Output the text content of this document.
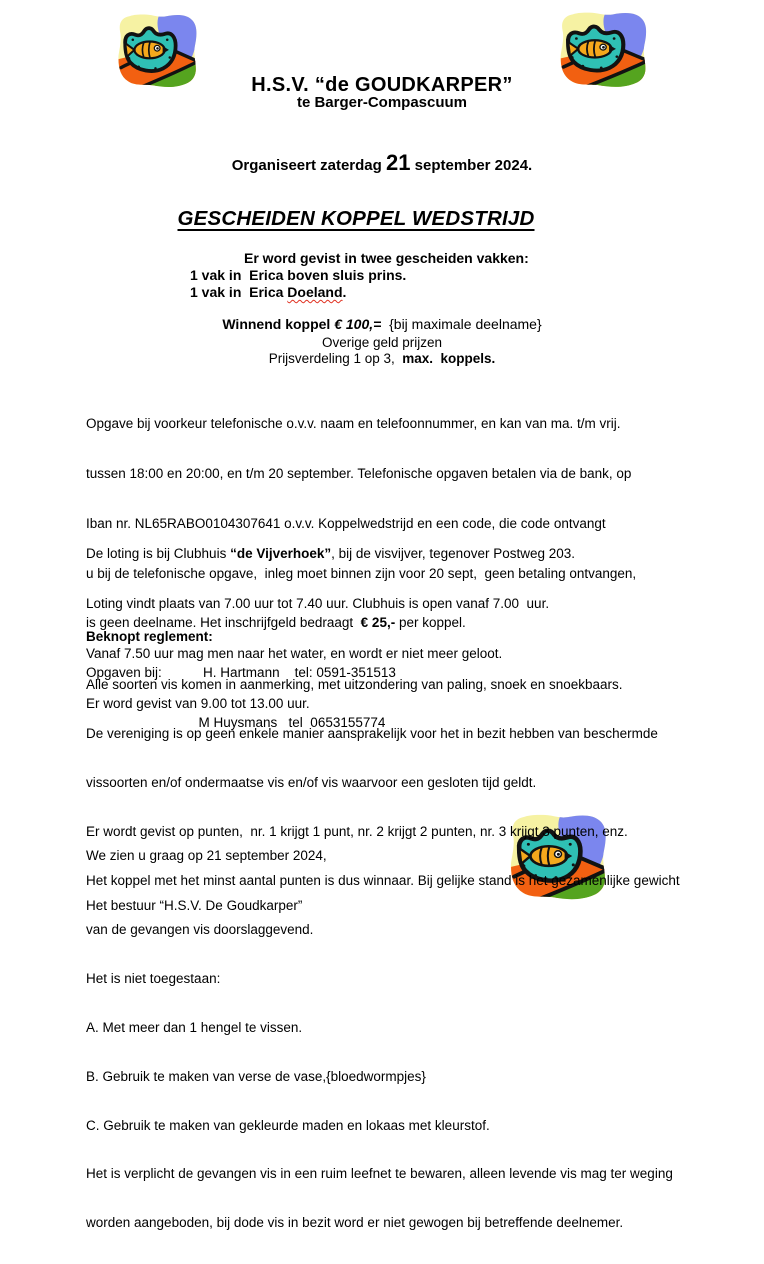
H.S.V. “de GOUDKARPER”
te Barger-Compascuum
Organiseert zaterdag 21 september 2024.
GESCHEIDEN KOPPEL WEDSTRIJD
Er word gevist in twee gescheiden vakken:
1 vak in  Erica boven sluis prins.
1 vak in  Erica Doeland.
Winnend koppel € 100,=  {bij maximale deelname}
Overige geld prijzen
Prijsverdeling 1 op 3,  max.  koppels.

Opgave bij voorkeur telefonische o.v.v. naam en telefoonnummer, en kan van ma. t/m vrij.

tussen 18:00 en 20:00, en t/m 20 september. Telefonische opgaven betalen via de bank, op

Iban nr. NL65RABO0104307641 o.v.v. Koppelwedstrijd en een code, die code ontvangt

u bij de telefonische opgave,  inleg moet binnen zijn voor 20 sept,  geen betaling ontvangen,

is geen deelname. Het inschrijfgeld bedraagt  € 25,- per koppel.

Opgaven bij:           H. Hartmann    tel: 0591-351513

M Huysmans   tel  0653155774

De loting is bij Clubhuis “de Vijverhoek”, bij de visvijver, tegenover Postweg 203.

Loting vindt plaats van 7.00 uur tot 7.40 uur. Clubhuis is open vanaf 7.00  uur.

Vanaf 7.50 uur mag men naar het water, en wordt er niet meer geloot.

Er word gevist van 9.00 tot 13.00 uur.

Beknopt reglement:

Alle soorten vis komen in aanmerking, met uitzondering van paling, snoek en snoekbaars.

De vereniging is op geen enkele manier aansprakelijk voor het in bezit hebben van beschermde

vissoorten en/of ondermaatse vis en/of vis waarvoor een gesloten tijd geldt.

Er wordt gevist op punten,  nr. 1 krijgt 1 punt, nr. 2 krijgt 2 punten, nr. 3 krijgt 3 punten, enz.

Het koppel met het minst aantal punten is dus winnaar. Bij gelijke stand is het gezamenlijke gewicht

van de gevangen vis doorslaggevend.

Het is niet toegestaan:

A. Met meer dan 1 hengel te vissen.

B. Gebruik te maken van verse de vase,{bloedwormpjes}

C. Gebruik te maken van gekleurde maden en lokaas met kleurstof.

Het is verplicht de gevangen vis in een ruim leefnet te bewaren, alleen levende vis mag ter weging

worden aangeboden, bij dode vis in bezit word er niet gewogen bij betreffende deelnemer.

We zien u graag op 21 september 2024,

Het bestuur “H.S.V. De Goudkarper”
